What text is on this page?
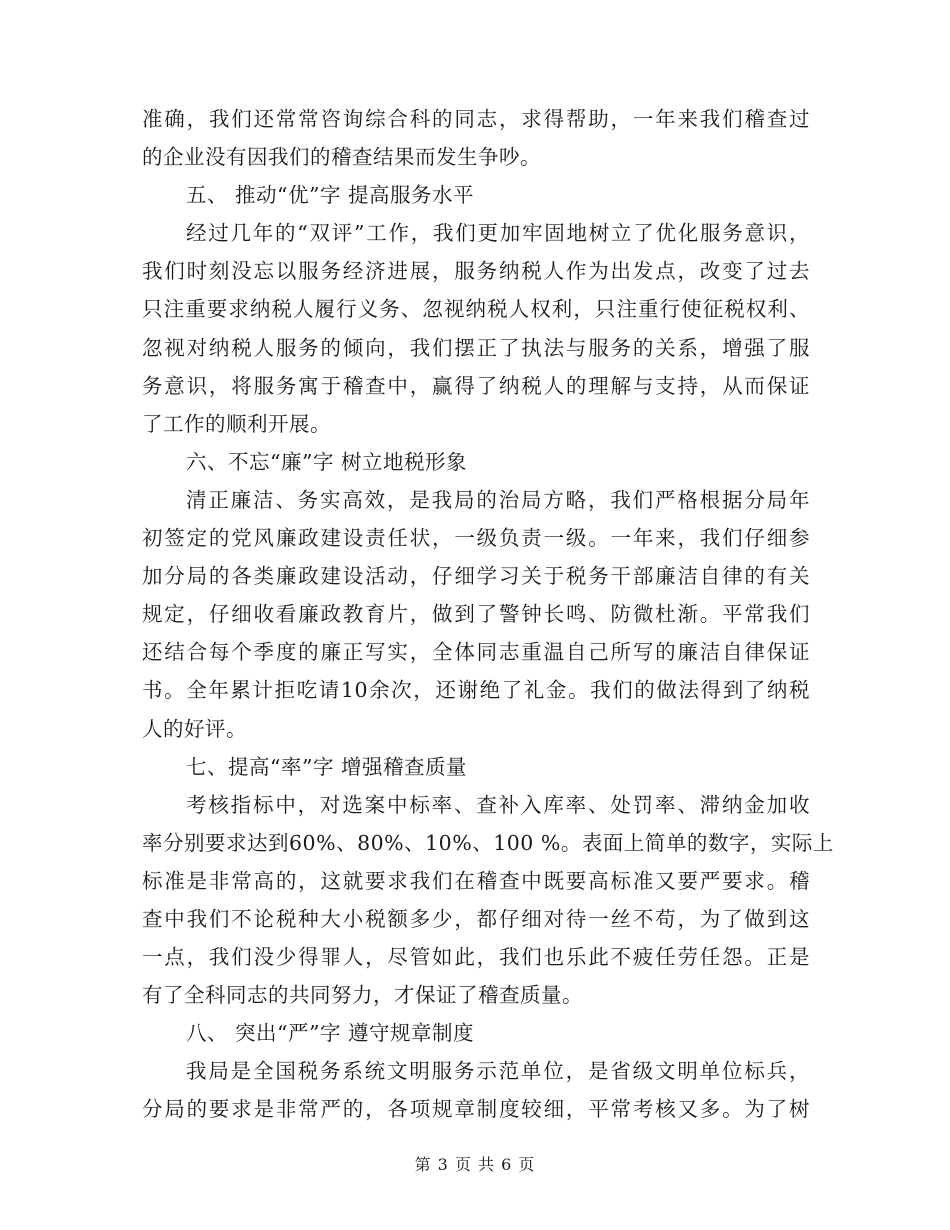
准确，我们还常常咨询综合科的同志，求得帮助，一年来我们稽查过
的企业没有因我们的稽查结果而发生争吵。
五、 推动“优”字 提高服务水平
经过几年的“双评”工作，我们更加牢固地树立了优化服务意识，
我们时刻没忘以服务经济进展，服务纳税人作为出发点，改变了过去
只注重要求纳税人履行义务、忽视纳税人权利，只注重行使征税权利、
忽视对纳税人服务的倾向，我们摆正了执法与服务的关系，增强了服
务意识，将服务寓于稽查中，赢得了纳税人的理解与支持，从而保证
了工作的顺利开展。
六、不忘“廉”字 树立地税形象
清正廉洁、务实高效，是我局的治局方略，我们严格根据分局年
初签定的党风廉政建设责任状，一级负责一级。一年来，我们仔细参
加分局的各类廉政建设活动，仔细学习关于税务干部廉洁自律的有关
规定，仔细收看廉政教育片，做到了警钟长鸣、防微杜渐。平常我们
还结合每个季度的廉正写实，全体同志重温自己所写的廉洁自律保证
书。全年累计拒吃请10余次，还谢绝了礼金。我们的做法得到了纳税
人的好评。
七、提高“率”字 增强稽查质量
考核指标中，对选案中标率、查补入库率、处罚率、滞纳金加收
率分别要求达到60%、80%、10%、100 %。表面上简单的数字，实际上
标准是非常高的，这就要求我们在稽查中既要高标准又要严要求。稽
查中我们不论税种大小税额多少，都仔细对待一丝不苟，为了做到这
一点，我们没少得罪人，尽管如此，我们也乐此不疲任劳任怨。正是
有了全科同志的共同努力，才保证了稽查质量。
八、 突出“严”字 遵守规章制度
我局是全国税务系统文明服务示范单位，是省级文明单位标兵，
分局的要求是非常严的，各项规章制度较细，平常考核又多。为了树
第 3 页 共 6 页
